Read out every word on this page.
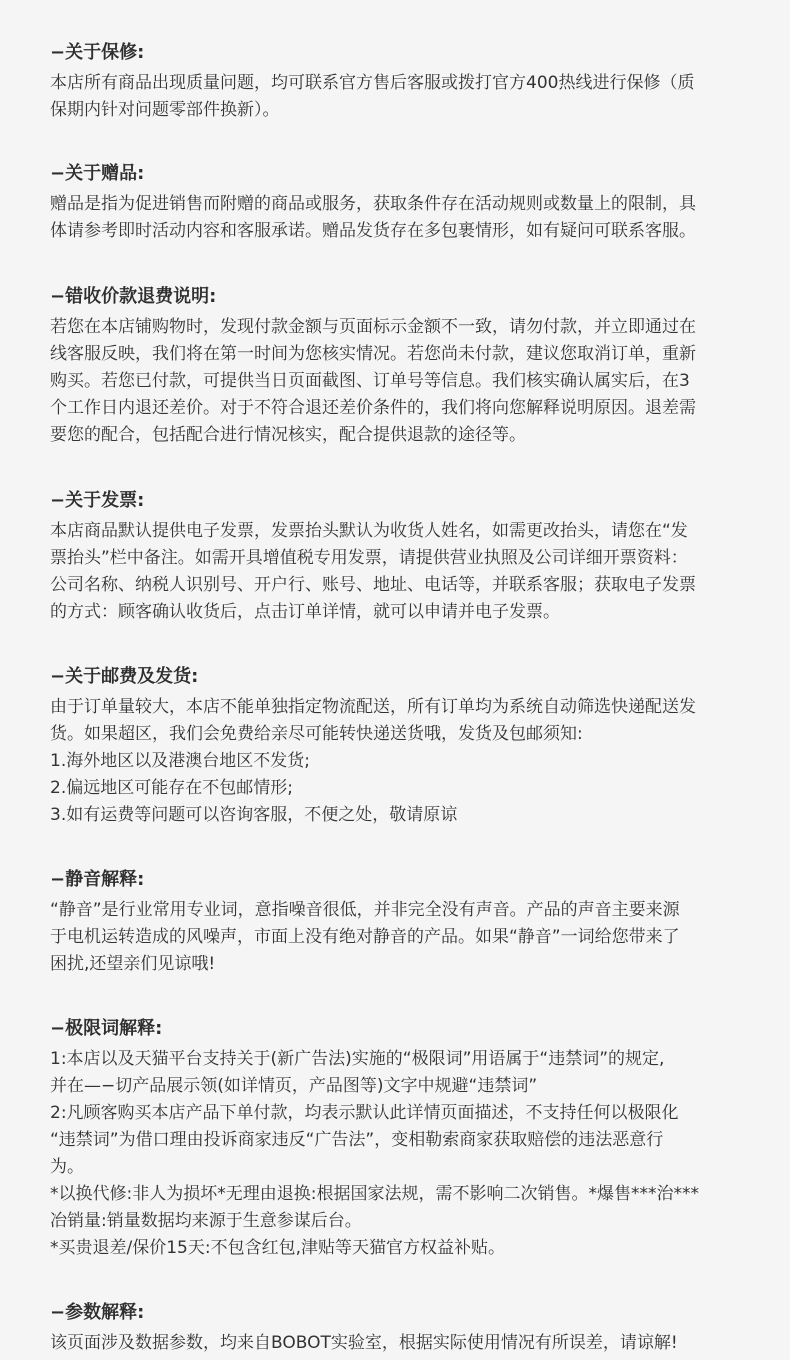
−关于保修:
本店所有商品出现质量问题，均可联系官方售后客服或拨打官方400热线进行保修（质
保期内针对问题零部件换新）。
−关于赠品:
赠品是指为促进销售而附赠的商品或服务，获取条件存在活动规则或数量上的限制，具
体请参考即时活动内容和客服承诺。赠品发货存在多包裹情形，如有疑问可联系客服。
−错收价款退费说明:
若您在本店铺购物时，发现付款金额与页面标示金额不一致，请勿付款，并立即通过在
线客服反映，我们将在第一时间为您核实情况。若您尚未付款，建议您取消订单，重新
购买。若您已付款，可提供当日页面截图、订单号等信息。我们核实确认属实后，在3
个工作日内退还差价。对于不符合退还差价条件的，我们将向您解释说明原因。退差需
要您的配合，包括配合进行情况核实，配合提供退款的途径等。
−关于发票:
本店商品默认提供电子发票，发票抬头默认为收货人姓名，如需更改抬头，请您在“发
票抬头”栏中备注。如需开具增值税专用发票，请提供营业执照及公司详细开票资料：
公司名称、纳税人识别号、开户行、账号、地址、电话等，并联系客服；获取电子发票
的方式：顾客确认收货后，点击订单详情，就可以申请并电子发票。
−关于邮费及发货:
由于订单量较大，本店不能单独指定物流配送，所有订单均为系统自动筛选快递配送发
货。如果超区，我们会免费给亲尽可能转快递送货哦，发货及包邮须知:
1.海外地区以及港澳台地区不发货;
2.偏远地区可能存在不包邮情形;
3.如有运费等问题可以咨询客服，不便之处，敬请原谅
−静音解释:
“静音”是行业常用专业词，意指噪音很低，并非完全没有声音。产品的声音主要来源
于电机运转造成的风噪声，市面上没有绝对静音的产品。如果“静音”一词给您带来了
困扰,还望亲们见谅哦!
−极限词解释:
1:本店以及天猫平台支持关于(新广告法)实施的“极限词”用语属于“违禁词”的规定,
并在—−切产品展示领(如详情页，产品图等)文字中规避“违禁词”
2:凡顾客购买本店产品下单付款，均表示默认此详情页面描述，不支持任何以极限化
“违禁词”为借口理由投诉商家违反“广告法”，变相勒索商家获取赔偿的违法恶意行
为。
*以换代修:非人为损坏*无理由退换:根据国家法规，需不影响二次销售。*爆售***治***
冶销量:销量数据均来源于生意参谋后台。
*买贵退差/保价15天:不包含红包,津贴等天猫官方权益补贴。
−参数解释:
该页面涉及数据参数，均来自BOBOT实验室，根据实际使用情况有所误差，请谅解!
